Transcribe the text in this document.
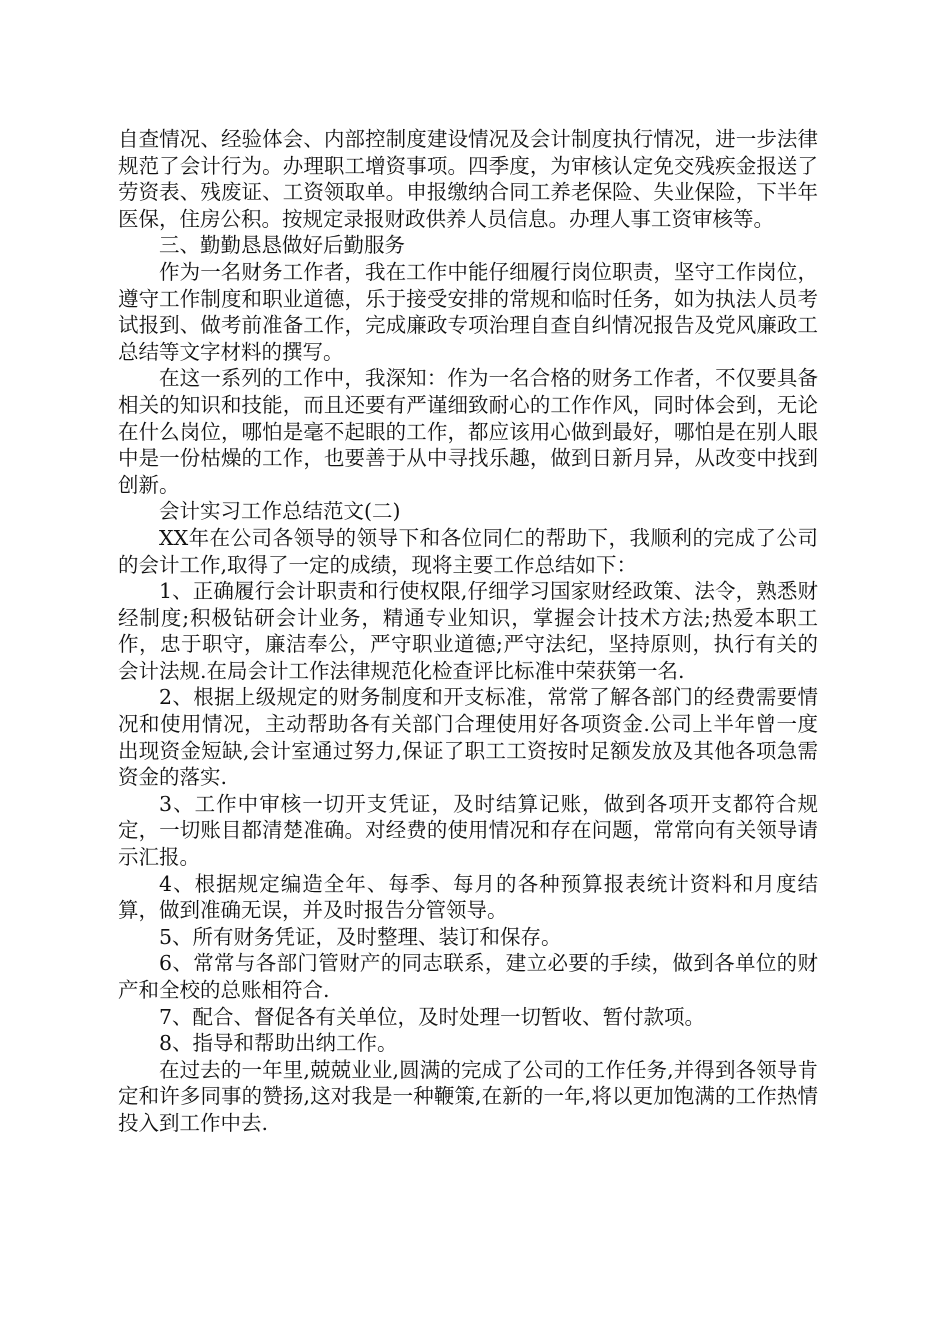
自查情况、经验体会、内部控制度建设情况及会计制度执行情况，进一步法律规范了会计行为。办理职工增资事项。四季度，为审核认定免交残疾金报送了劳资表、残废证、工资领取单。申报缴纳合同工养老保险、失业保险，下半年医保，住房公积。按规定录报财政供养人员信息。办理人事工资审核等。

三、勤勤恳恳做好后勤服务

作为一名财务工作者，我在工作中能仔细履行岗位职责，坚守工作岗位，遵守工作制度和职业道德，乐于接受安排的常规和临时任务，如为执法人员考试报到、做考前准备工作，完成廉政专项治理自查自纠情况报告及党风廉政工总结等文字材料的撰写。

在这一系列的工作中，我深知：作为一名合格的财务工作者，不仅要具备相关的知识和技能，而且还要有严谨细致耐心的工作作风，同时体会到，无论在什么岗位，哪怕是毫不起眼的工作，都应该用心做到最好，哪怕是在别人眼中是一份枯燥的工作，也要善于从中寻找乐趣，做到日新月异，从改变中找到创新。

会计实习工作总结范文(二)

XX年在公司各领导的领导下和各位同仁的帮助下，我顺利的完成了公司的会计工作,取得了一定的成绩，现将主要工作总结如下：

1、正确履行会计职责和行使权限,仔细学习国家财经政策、法令，熟悉财经制度;积极钻研会计业务，精通专业知识，掌握会计技术方法;热爱本职工作，忠于职守，廉洁奉公，严守职业道德;严守法纪，坚持原则，执行有关的会计法规.在局会计工作法律规范化检查评比标准中荣获第一名.

2、根据上级规定的财务制度和开支标准，常常了解各部门的经费需要情况和使用情况，主动帮助各有关部门合理使用好各项资金.公司上半年曾一度出现资金短缺,会计室通过努力,保证了职工工资按时足额发放及其他各项急需资金的落实.

3、工作中审核一切开支凭证，及时结算记账，做到各项开支都符合规定，一切账目都清楚准确。对经费的使用情况和存在问题，常常向有关领导请示汇报。

4、根据规定编造全年、每季、每月的各种预算报表统计资料和月度结算，做到准确无误，并及时报告分管领导。

5、所有财务凭证，及时整理、装订和保存。

6、常常与各部门管财产的同志联系，建立必要的手续，做到各单位的财产和全校的总账相符合.

7、配合、督促各有关单位，及时处理一切暂收、暂付款项。

8、指导和帮助出纳工作。

在过去的一年里,兢兢业业,圆满的完成了公司的工作任务,并得到各领导肯定和许多同事的赞扬,这对我是一种鞭策,在新的一年,将以更加饱满的工作热情投入到工作中去.
